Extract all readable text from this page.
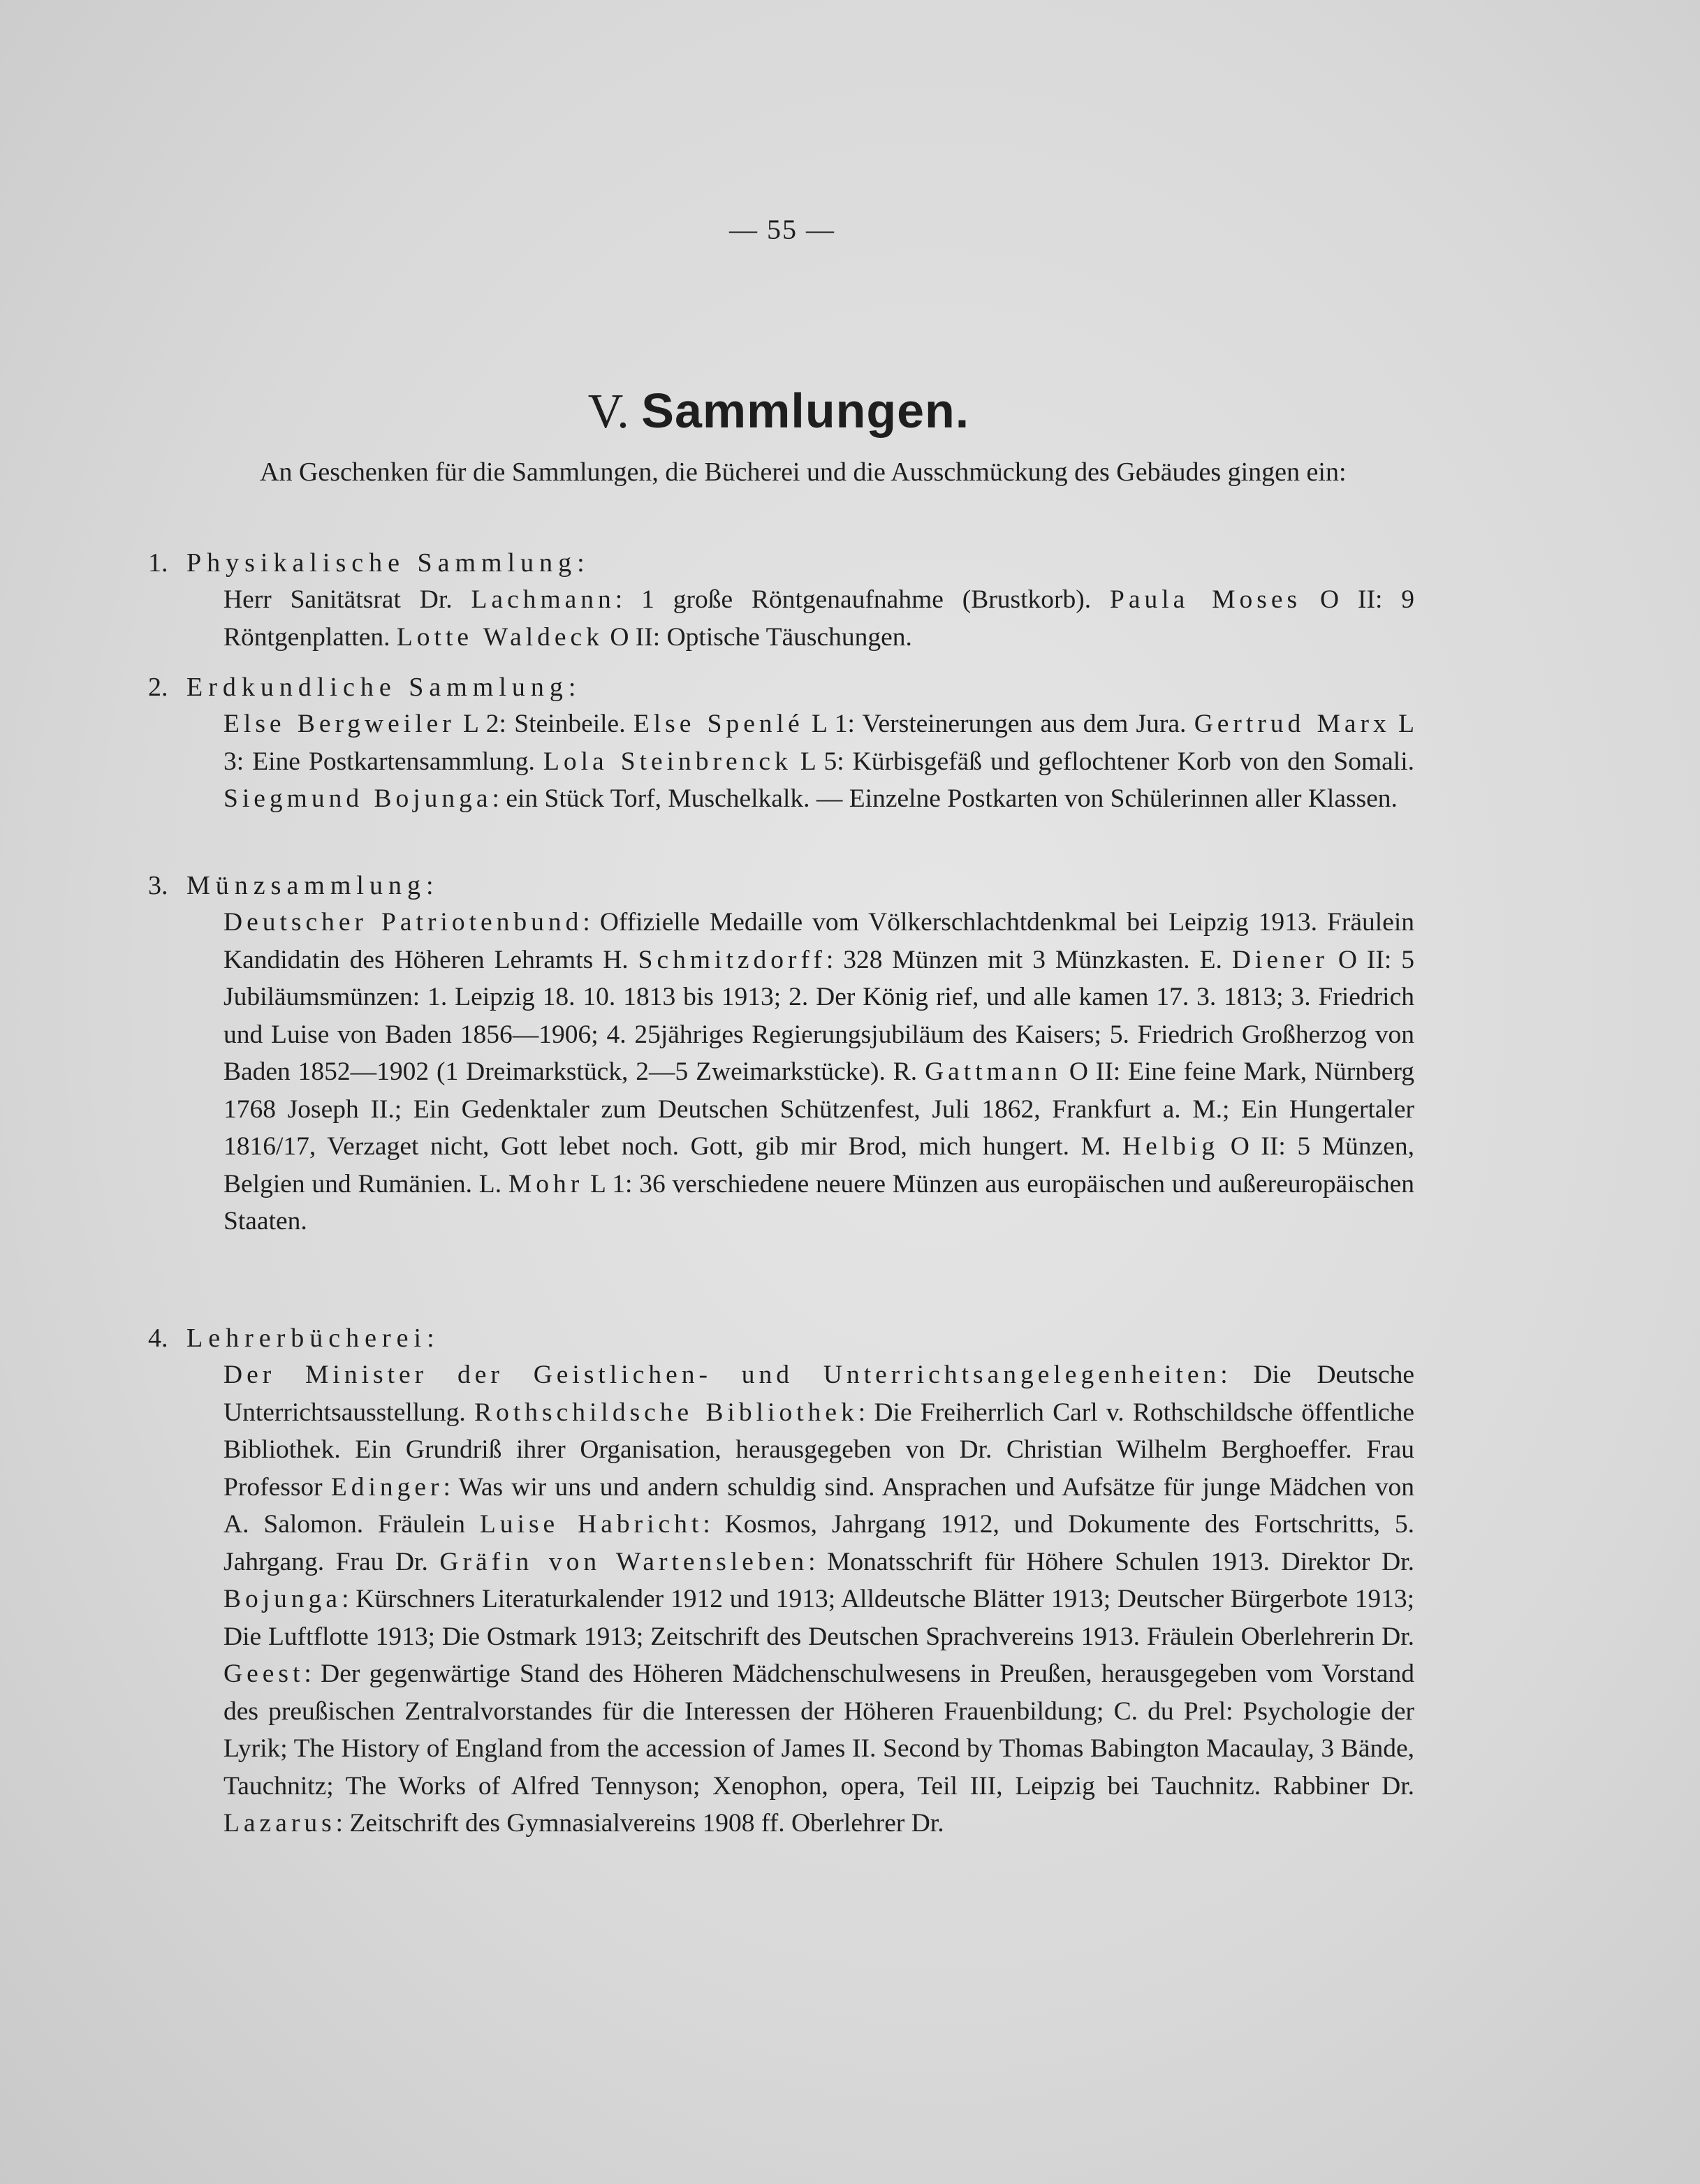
— 55 —
V. Sammlungen.
An Geschenken für die Sammlungen, die Bücherei und die Ausschmückung des Gebäudes gingen ein:
1. Physikalische Sammlung:
Herr Sanitätsrat Dr. Lachmann: 1 große Röntgenaufnahme (Brustkorb). Paula Moses O II: 9 Röntgenplatten. Lotte Waldeck O II: Optische Täuschungen.
2. Erdkundliche Sammlung:
Else Bergweiler L 2: Steinbeile. Else Spenlé L 1: Versteinerungen aus dem Jura. Gertrud Marx L 3: Eine Postkartensammlung. Lola Steinbrenck L 5: Kürbisgefäß und geflochtener Korb von den Somali. Siegmund Bojunga: ein Stück Torf, Muschelkalk. — Einzelne Postkarten von Schülerinnen aller Klassen.
3. Münzsammlung:
Deutscher Patriotenbund: Offizielle Medaille vom Völkerschlachtdenkmal bei Leipzig 1913. Fräulein Kandidatin des Höheren Lehramts H. Schmitzdorff: 328 Münzen mit 3 Münzkasten. E. Diener O II: 5 Jubiläumsmünzen: 1. Leipzig 18. 10. 1813 bis 1913; 2. Der König rief, und alle kamen 17. 3. 1813; 3. Friedrich und Luise von Baden 1856—1906; 4. 25jähriges Regierungsjubiläum des Kaisers; 5. Friedrich Großherzog von Baden 1852—1902 (1 Dreimarkstück, 2—5 Zweimarkstücke). R. Gattmann O II: Eine feine Mark, Nürnberg 1768 Joseph II.; Ein Gedenktaler zum Deutschen Schützenfest, Juli 1862, Frankfurt a. M.; Ein Hungertaler 1816/17, Verzaget nicht, Gott lebet noch. Gott, gib mir Brod, mich hungert. M. Helbig O II: 5 Münzen, Belgien und Rumänien. L. Mohr L 1: 36 verschiedene neuere Münzen aus europäischen und außereuropäischen Staaten.
4. Lehrerbücherei:
Der Minister der Geistlichen- und Unterrichtsangelegenheiten: Die Deutsche Unterrichtsausstellung. Rothschildsche Bibliothek: Die Freiherrlich Carl v. Rothschildsche öffentliche Bibliothek. Ein Grundriß ihrer Organisation, herausgegeben von Dr. Christian Wilhelm Berghoeffer. Frau Professor Edinger: Was wir uns und andern schuldig sind. Ansprachen und Aufsätze für junge Mädchen von A. Salomon. Fräulein Luise Habricht: Kosmos, Jahrgang 1912, und Dokumente des Fortschritts, 5. Jahrgang. Frau Dr. Gräfin von Wartensleben: Monatsschrift für Höhere Schulen 1913. Direktor Dr. Bojunga: Kürschners Literaturkalender 1912 und 1913; Alldeutsche Blätter 1913; Deutscher Bürgerbote 1913; Die Luftflotte 1913; Die Ostmark 1913; Zeitschrift des Deutschen Sprachvereins 1913. Fräulein Oberlehrerin Dr. Geest: Der gegenwärtige Stand des Höheren Mädchenschulwesens in Preußen, herausgegeben vom Vorstand des preußischen Zentralvorstandes für die Interessen der Höheren Frauenbildung; C. du Prel: Psychologie der Lyrik; The History of England from the accession of James II. Second by Thomas Babington Macaulay, 3 Bände, Tauchnitz; The Works of Alfred Tennyson; Xenophon, opera, Teil III, Leipzig bei Tauchnitz. Rabbiner Dr. Lazarus: Zeitschrift des Gymnasialvereins 1908 ff. Oberlehrer Dr.
